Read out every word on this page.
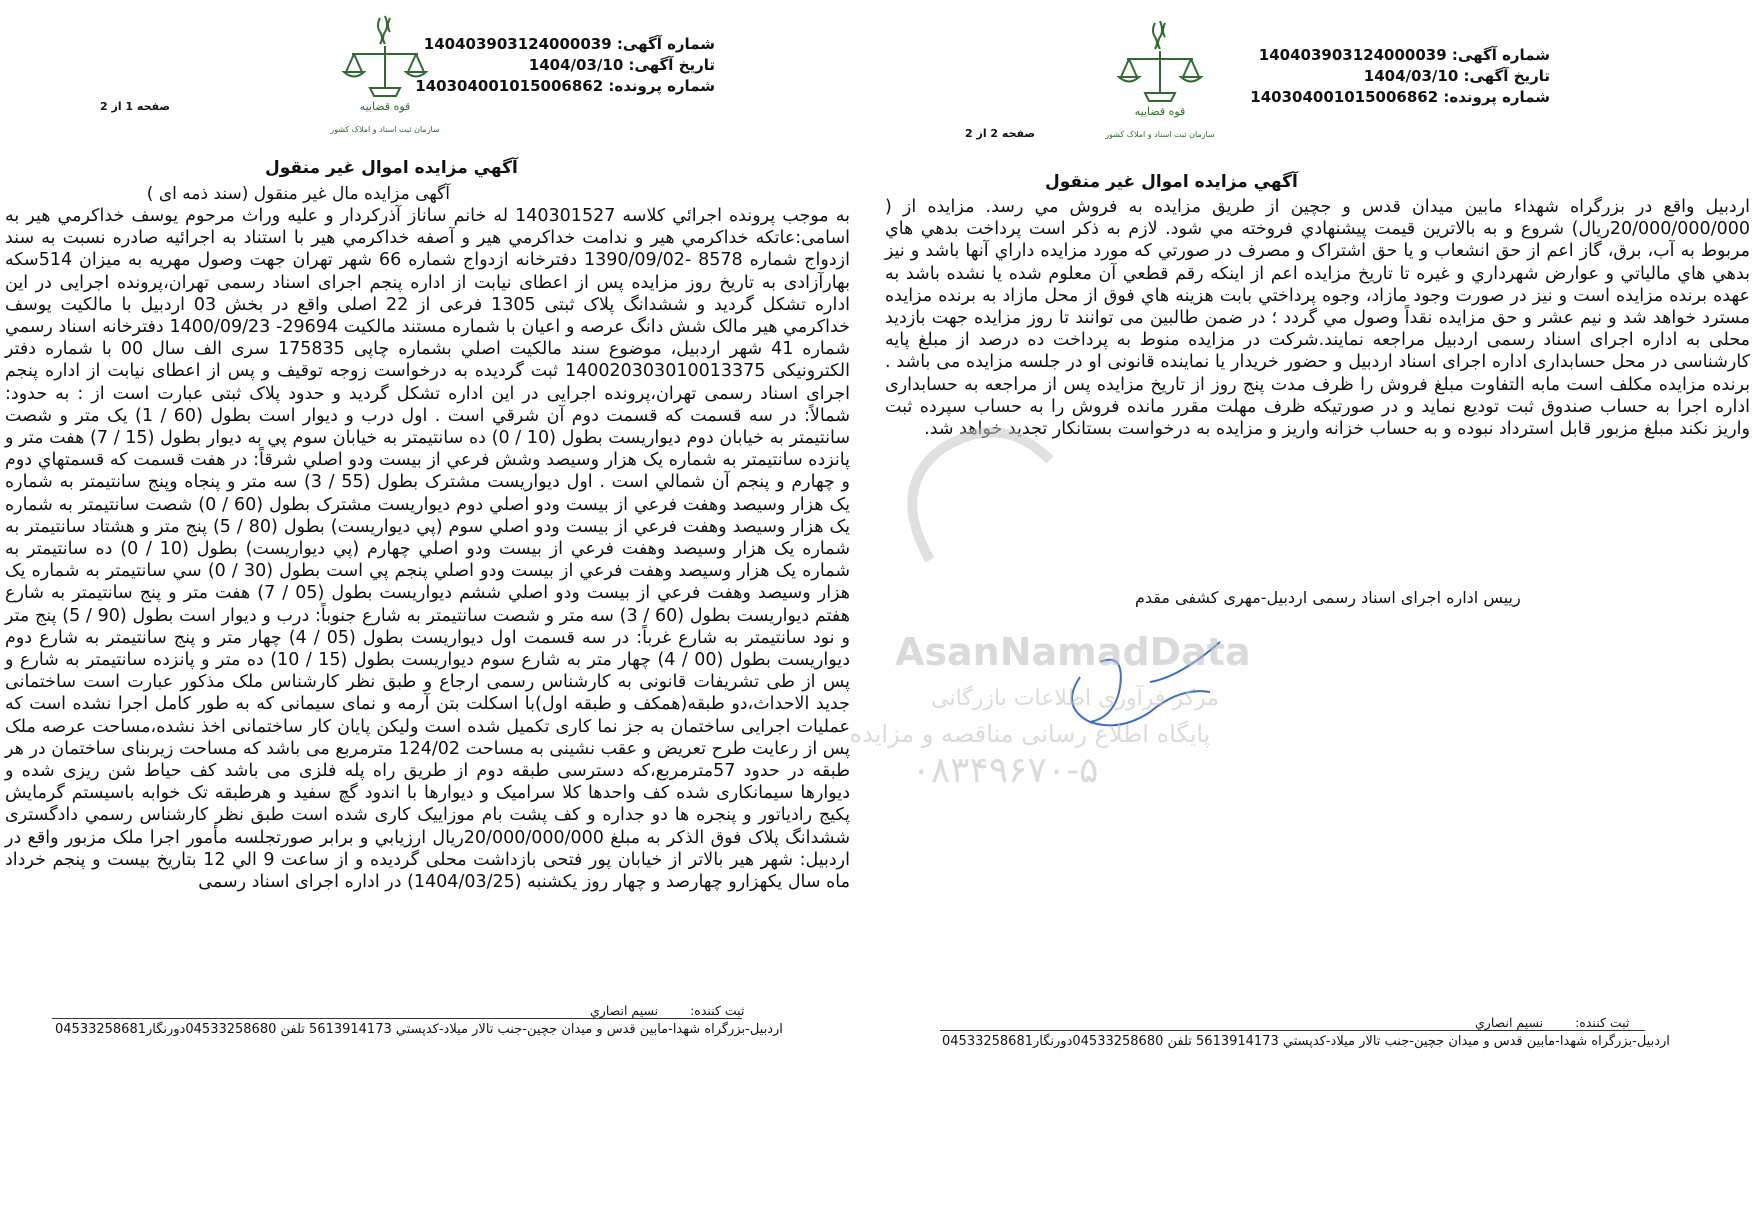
شماره آگهی: 140403903124000039
تاریخ آگهی: 1404/03/10
شماره پرونده: 140304001015006862
قوه قضاییه
سازمان ثبت اسناد و املاک کشور
صفحه 1 از 2
آگهي مزايده اموال غير منقول
آگهی مزایده مال غیر منقول (سند ذمه ای )
به موجب پرونده اجرائي كلاسه 140301527 له خانم ساناز آذركردار و عليه وراث مرحوم يوسف خداكرمي هير به اسامی:عاتكه خداكرمي هير و ندامت خداكرمي هير و آصفه خداكرمي هير با استناد به اجرائيه صادره نسبت به سند ازدواج شماره 8578 -1390/09/02 دفترخانه ازدواج شماره 66 شهر تهران جهت وصول مهريه به ميزان 514سكه بهارآزادی به تاريخ روز مزايده پس از اعطای نيابت از اداره پنجم اجرای اسناد رسمی تهران،پرونده اجرايی در اين اداره تشكل گرديد و ششدانگ پلاک ثبتی 1305 فرعی از 22 اصلی واقع در بخش 03 اردبيل با مالكيت يوسف خداكرمي هير مالک شش دانگ عرصه و اعيان با شماره مستند مالكيت 29694- 1400/09/23 دفترخانه اسناد رسمي شماره 41 شهر اردبيل، موضوع سند مالكيت اصلي بشماره چاپی 175835 سری الف سال 00 با شماره دفتر الكترونيكی 140020303010013375 ثبت گرديده به درخواست زوجه توقيف و پس از اعطای نيابت از اداره پنجم اجرای اسناد رسمی تهران،پرونده اجرايی در اين اداره تشكل گرديد و حدود پلاک ثبتی عبارت است از : به حدود: شمالاً: در سه قسمت كه قسمت دوم آن شرقي است . اول درب و ديوار است بطول (60 / 1) يک متر و شصت سانتيمتر به خيابان دوم ديواريست بطول (10 / 0) ده سانتيمتر به خيابان سوم پي به ديوار بطول (15 / 7) هفت متر و پانزده سانتيمتر به شماره يک هزار وسيصد وشش فرعي از بيست ودو اصلي شرقاً: در هفت قسمت كه قسمتهاي دوم و چهارم و پنجم آن شمالي است . اول ديواريست مشترک بطول (55 / 3) سه متر و پنجاه وپنج سانتيمتر به شماره يک هزار وسيصد وهفت فرعي از بيست ودو اصلي دوم ديواريست مشترک بطول (60 / 0) شصت سانتيمتر به شماره يک هزار وسيصد وهفت فرعي از بيست ودو اصلي سوم (پي ديواريست) بطول (80 / 5) پنج متر و هشتاد سانتيمتر به شماره يک هزار وسيصد وهفت فرعي از بيست ودو اصلي چهارم (پي ديواريست) بطول (10 / 0) ده سانتيمتر به شماره يک هزار وسيصد وهفت فرعي از بيست ودو اصلي پنجم پي است بطول (30 / 0) سي سانتيمتر به شماره يک هزار وسيصد وهفت فرعي از بيست ودو اصلي ششم ديواريست بطول (05 / 7) هفت متر و پنج سانتيمتر به شارع هفتم ديواريست بطول (60 / 3) سه متر و شصت سانتيمتر به شارع جنوباً: درب و ديوار است بطول (90 / 5) پنج متر و نود سانتيمتر به شارع غرباً: در سه قسمت اول ديواريست بطول (05 / 4) چهار متر و پنج سانتيمتر به شارع دوم ديواريست بطول (00 / 4) چهار متر به شارع سوم ديواريست بطول (15 / 10) ده متر و پانزده سانتيمتر به شارع و پس از طی تشريفات قانونی به كارشناس رسمی ارجاع و طبق نظر كارشناس ملک مذكور عبارت است ساختمانی جديد الاحداث،دو طبقه(همكف و طبقه اول)با اسكلت بتن آرمه و نمای سيمانی كه به طور كامل اجرا نشده است كه عمليات اجرايی ساختمان به جز نما كاری تكميل شده است وليكن پايان كار ساختمانی اخذ نشده،مساحت عرصه ملک پس از رعايت طرح تعريض و عقب نشينی به مساحت 124/02 مترمربع می باشد كه مساحت زيربنای ساختمان در هر طبقه در حدود 57مترمربع،كه دسترسی طبقه دوم از طريق راه پله فلزی می باشد كف حياط شن ريزی شده و ديوارها سيمانكاری شده كف واحدها كلا سراميک و ديوارها با اندود گچ سفيد و هرطبقه تک خوابه باسيستم گرمايش پكيج رادياتور و پنجره ها دو جداره و كف پشت بام موزاييک كاری شده است طبق نظر كارشناس رسمي دادگستری ششدانگ پلاک فوق الذكر به مبلغ 20/000/000/000ريال ارزيابي و برابر صورتجلسه مأمور اجرا ملک مزبور واقع در اردبيل: شهر هير بالاتر از خيابان پور فتحی بازداشت محلی گرديده و از ساعت 9 الي 12 بتاريخ بيست و پنجم خرداد ماه سال يكهزارو چهارصد و چهار روز يكشنبه (1404/03/25) در اداره اجرای اسناد رسمی
ثبت كننده:  نسیم انصاري
اردبيل-بزرگراه شهدا-مابين قدس و ميدان جچين-جنب تالار ميلاد-كدپستي 5613914173 تلفن 04533258680دورنگار04533258681
شماره آگهی: 140403903124000039
تاریخ آگهی: 1404/03/10
شماره پرونده: 140304001015006862
قوه قضاییه
سازمان ثبت اسناد و املاک کشور
صفحه 2 از 2
آگهي مزايده اموال غير منقول
اردبيل واقع در بزرگراه شهداء مابين ميدان قدس و جچين از طريق مزايده به فروش مي رسد. مزايده از ( 20/000/000/000ريال) شروع و به بالاترين قيمت پيشنهادي فروخته مي شود. لازم به ذكر است پرداخت بدهي هاي مربوط به آب، برق، گاز اعم از حق انشعاب و يا حق اشتراک و مصرف در صورتي كه مورد مزايده داراي آنها باشد و نيز بدهي هاي مالياتي و عوارض شهرداري و غيره تا تاريخ مزايده اعم از اينكه رقم قطعي آن معلوم شده يا نشده باشد به عهده برنده مزايده است و نيز در صورت وجود مازاد، وجوه پرداختي بابت هزينه هاي فوق از محل مازاد به برنده مزايده مسترد خواهد شد و نيم عشر و حق مزايده نقداً وصول مي گردد ؛ در ضمن طالبين می توانند تا روز مزايده جهت بازديد محلی به اداره اجرای اسناد رسمی اردبيل مراجعه نمايند.شركت در مزايده منوط به پرداخت ده درصد از مبلغ پايه كارشناسی در محل حسابداری اداره اجرای اسناد اردبيل و حضور خريدار يا نماينده قانونی او در جلسه مزايده می باشد . برنده مزايده مكلف است مابه التفاوت مبلغ فروش را ظرف مدت پنج روز از تاريخ مزايده پس از مراجعه به حسابداری اداره اجرا به حساب صندوق ثبت توديع نمايد و در صورتيكه ظرف مهلت مقرر مانده فروش را به حساب سپرده ثبت واريز نكند مبلغ مزبور قابل استرداد نبوده و به حساب خزانه واريز و مزايده به درخواست بستانكار تجديد خواهد شد.
رييس اداره اجرای اسناد رسمی اردبيل-مهری كشفی مقدم
ثبت كننده:  نسیم انصاري
اردبيل-بزرگراه شهدا-مابين قدس و ميدان جچين-جنب تالار ميلاد-كدپستي 5613914173 تلفن 04533258680دورنگار04533258681
AsanNamadData
مرکز فرآوری اطلاعات بازرگانی
پایگاه اطلاع رسانی مناقصه و مزایده
۰۸۳۴۹۶۷۰-۵
